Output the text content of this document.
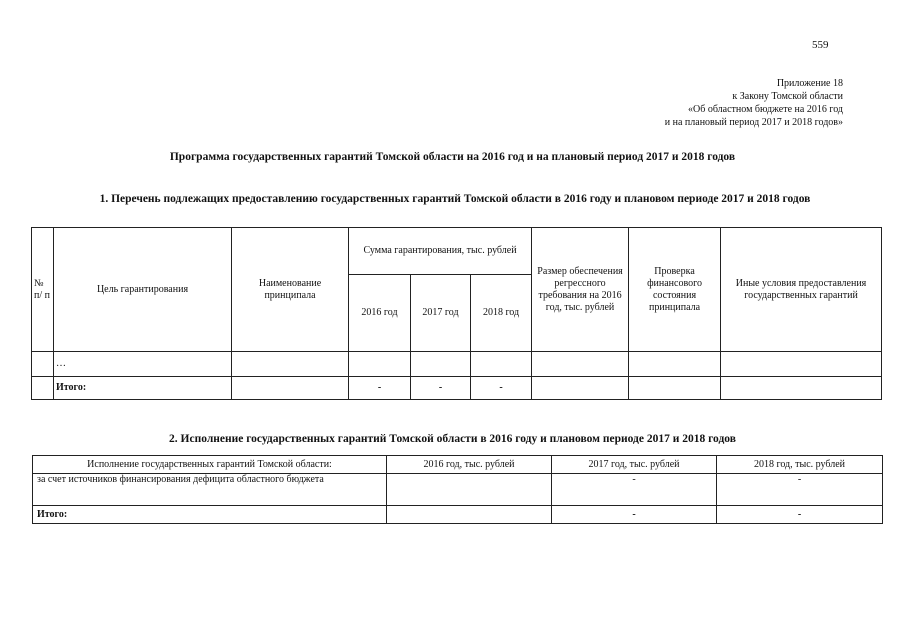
559
Приложение 18
к Закону Томской области
«Об областном бюджете на 2016 год
и на плановый период 2017 и 2018 годов»
Программа государственных гарантий Томской области на 2016 год и на плановый период 2017 и 2018 годов
1. Перечень подлежащих предоставлению государственных гарантий Томской области в 2016 году и плановом периоде 2017 и 2018 годов
№ п/ п	Цель гарантирования	Наименование принципала	Сумма гарантирования, тыс. рублей			Размер обеспечения регрессного требования на 2016 год, тыс. рублей	Проверка финансового состояния принципала	Иные условия предоставления государственных гарантий
			2016 год	2017 год	2018 год			
	…							
	Итого:		-	-	-			
2. Исполнение государственных гарантий Томской области в 2016 году и плановом периоде 2017 и 2018 годов
Исполнение государственных гарантий Томской области:	2016 год, тыс. рублей	2017 год, тыс. рублей	2018 год, тыс. рублей
за счет источников финансирования дефицита областного бюджета		-	-
Итого:		-	-
